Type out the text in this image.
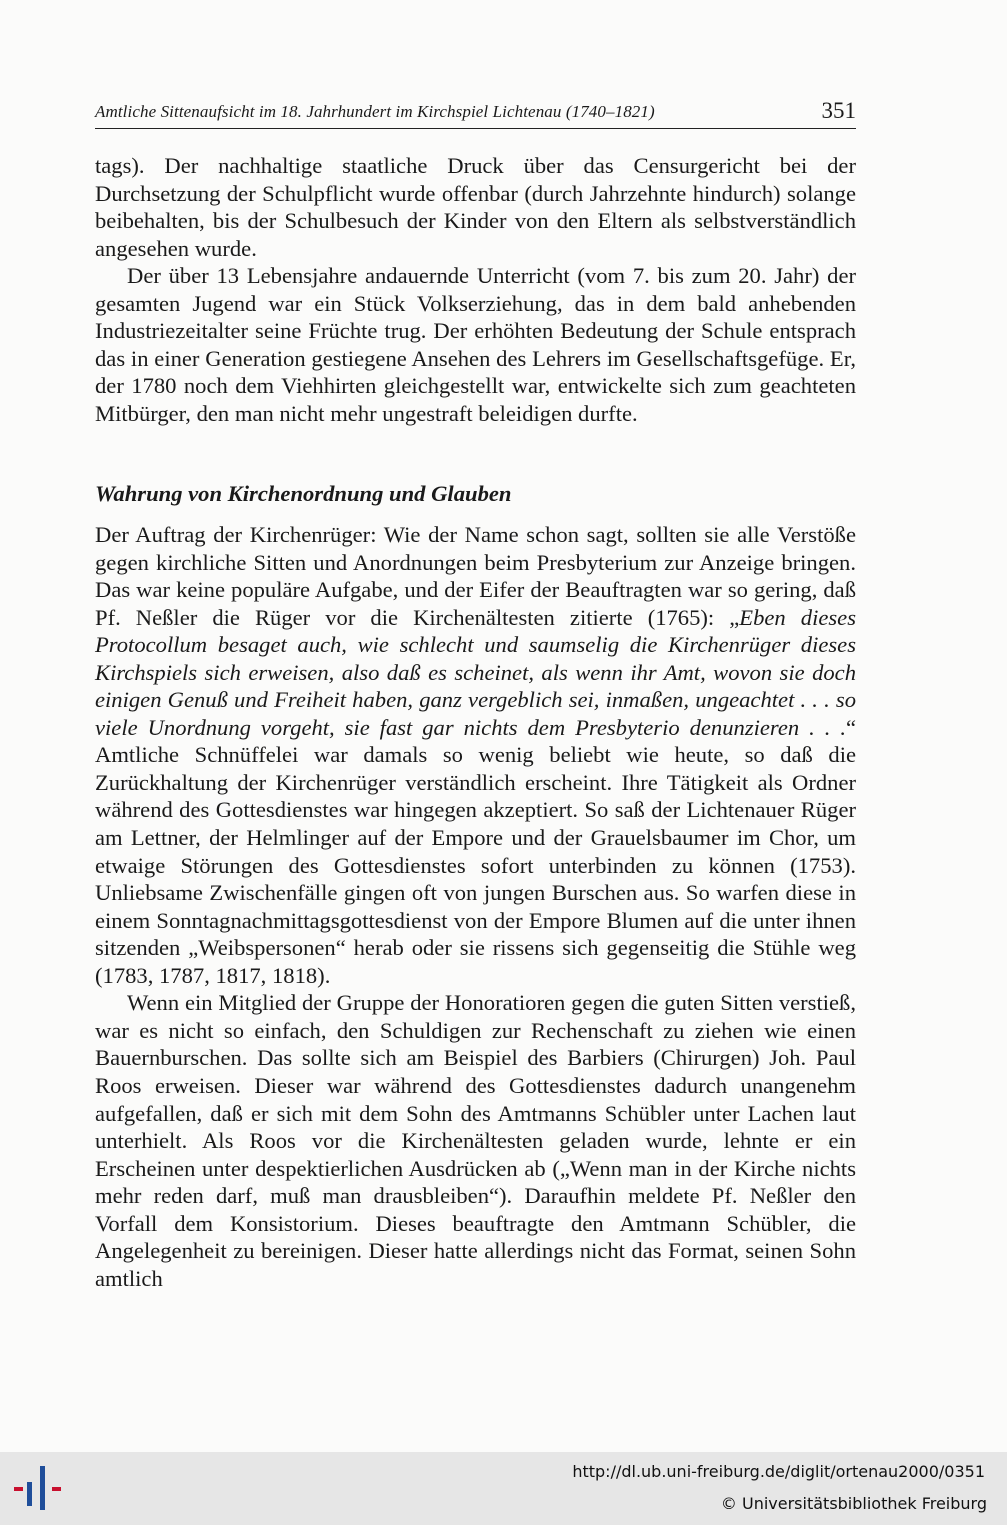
Amtliche Sittenaufsicht im 18. Jahrhundert im Kirchspiel Lichtenau (1740–1821)	351

tags). Der nachhaltige staatliche Druck über das Censurgericht bei der Durchsetzung der Schulpflicht wurde offenbar (durch Jahrzehnte hindurch) solange beibehalten, bis der Schulbesuch der Kinder von den Eltern als selbstverständlich angesehen wurde.

Der über 13 Lebensjahre andauernde Unterricht (vom 7. bis zum 20. Jahr) der gesamten Jugend war ein Stück Volkserziehung, das in dem bald anhebenden Industriezeitalter seine Früchte trug. Der erhöhten Bedeutung der Schule entsprach das in einer Generation gestiegene Ansehen des Lehrers im Gesellschaftsgefüge. Er, der 1780 noch dem Viehhirten gleichgestellt war, entwickelte sich zum geachteten Mitbürger, den man nicht mehr ungestraft beleidigen durfte.

Wahrung von Kirchenordnung und Glauben

Der Auftrag der Kirchenrüger: Wie der Name schon sagt, sollten sie alle Verstöße gegen kirchliche Sitten und Anordnungen beim Presbyterium zur Anzeige bringen. Das war keine populäre Aufgabe, und der Eifer der Beauftragten war so gering, daß Pf. Neßler die Rüger vor die Kirchenältesten zitierte (1765): „Eben dieses Protocollum besaget auch, wie schlecht und saumselig die Kirchenrüger dieses Kirchspiels sich erweisen, also daß es scheinet, als wenn ihr Amt, wovon sie doch einigen Genuß und Freiheit haben, ganz vergeblich sei, inmaßen, ungeachtet . . . so viele Unordnung vorgeht, sie fast gar nichts dem Presbyterio denunzieren . . .“ Amtliche Schnüffelei war damals so wenig beliebt wie heute, so daß die Zurückhaltung der Kirchenrüger verständlich erscheint. Ihre Tätigkeit als Ordner während des Gottesdienstes war hingegen akzeptiert. So saß der Lichtenauer Rüger am Lettner, der Helmlinger auf der Empore und der Grauelsbaumer im Chor, um etwaige Störungen des Gottesdienstes sofort unterbinden zu können (1753). Unliebsame Zwischenfälle gingen oft von jungen Burschen aus. So warfen diese in einem Sonntagnachmittagsgottesdienst von der Empore Blumen auf die unter ihnen sitzenden „Weibspersonen“ herab oder sie rissens sich gegenseitig die Stühle weg (1783, 1787, 1817, 1818).

Wenn ein Mitglied der Gruppe der Honoratioren gegen die guten Sitten verstieß, war es nicht so einfach, den Schuldigen zur Rechenschaft zu ziehen wie einen Bauernburschen. Das sollte sich am Beispiel des Barbiers (Chirurgen) Joh. Paul Roos erweisen. Dieser war während des Gottesdienstes dadurch unangenehm aufgefallen, daß er sich mit dem Sohn des Amtmanns Schübler unter Lachen laut unterhielt. Als Roos vor die Kirchenältesten geladen wurde, lehnte er ein Erscheinen unter despektierlichen Ausdrücken ab („Wenn man in der Kirche nichts mehr reden darf, muß man drausbleiben“). Daraufhin meldete Pf. Neßler den Vorfall dem Konsistorium. Dieses beauftragte den Amtmann Schübler, die Angelegenheit zu bereinigen. Dieser hatte allerdings nicht das Format, seinen Sohn amtlich

http://dl.ub.uni-freiburg.de/diglit/ortenau2000/0351
© Universitätsbibliothek Freiburg
